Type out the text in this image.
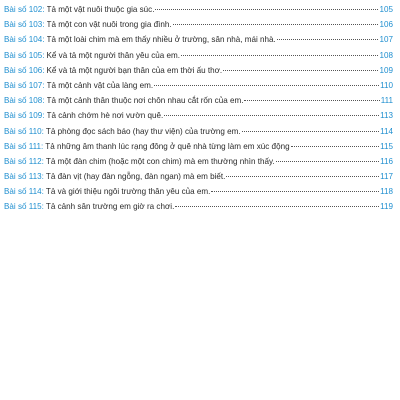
Bài số 102 : Tả một vật nuôi thuộc gia súc.	105
Bài số 103 : Tả một con vật nuôi trong gia đình.	106
Bài số 104 : Tả một loài chim mà em thấy nhiều ở trường, sân nhà, mái nhà.	107
Bài số 105 : Kể và tả một người thân yêu của em.	108
Bài số 106 : Kể và tả một người bạn thân của em thời ấu thơ.	109
Bài số 107 : Tả một cảnh vật của làng em.	110
Bài số 108 : Tả một cảnh thân thuộc nơi chôn nhau cắt rốn của em.	111
Bài số 109 : Tả cảnh chớm hè nơi vườn quê.	113
Bài số 110 : Tả phòng đọc sách báo (hay thư viện) của trường em.	114
Bài số 111 : Tả những âm thanh lúc rạng đông ở quê nhà từng làm em xúc động	115
Bài số 112 : Tả một đàn chim (hoặc một con chim) mà em thường nhìn thấy.	116
Bài số 113 : Tả đàn vịt (hay đàn ngỗng, đàn ngan) mà em biết.	117
Bài số 114 : Tả và giới thiệu ngôi trường thân yêu của em.	118
Bài số 115 : Tả cảnh sân trường em giờ ra chơi.	119
